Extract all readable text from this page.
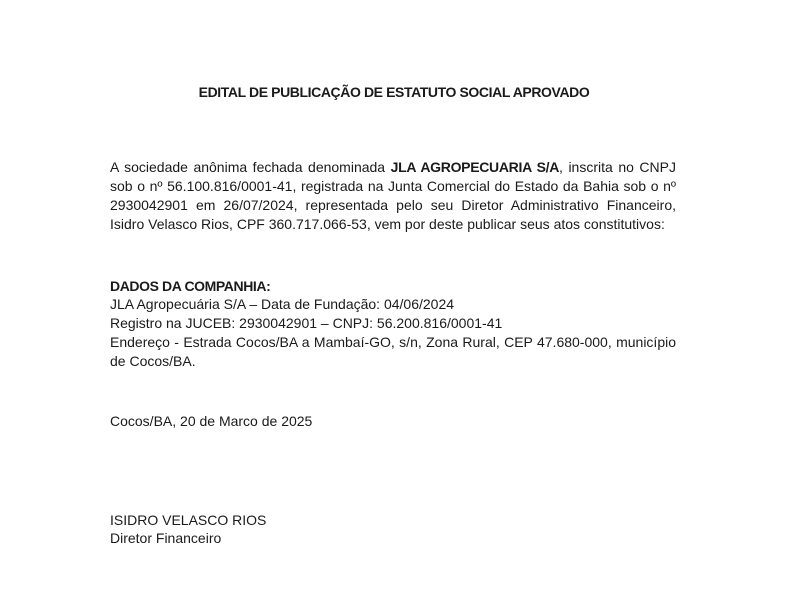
EDITAL DE PUBLICAÇÃO DE ESTATUTO SOCIAL APROVADO

A sociedade anônima fechada denominada JLA AGROPECUARIA S/A, inscrita no CNPJ sob o nº 56.100.816/0001-41, registrada na Junta Comercial do Estado da Bahia sob o nº 2930042901 em 26/07/2024, representada pelo seu Diretor Administrativo Financeiro, Isidro Velasco Rios, CPF 360.717.066-53, vem por deste publicar seus atos constitutivos:

DADOS DA COMPANHIA:
JLA Agropecuária S/A – Data de Fundação: 04/06/2024
Registro na JUCEB: 2930042901 – CNPJ: 56.200.816/0001-41
Endereço - Estrada Cocos/BA a Mambaí-GO, s/n, Zona Rural, CEP 47.680-000, município de Cocos/BA.
Cocos/BA, 20 de Marco de 2025
ISIDRO VELASCO RIOS
Diretor Financeiro
